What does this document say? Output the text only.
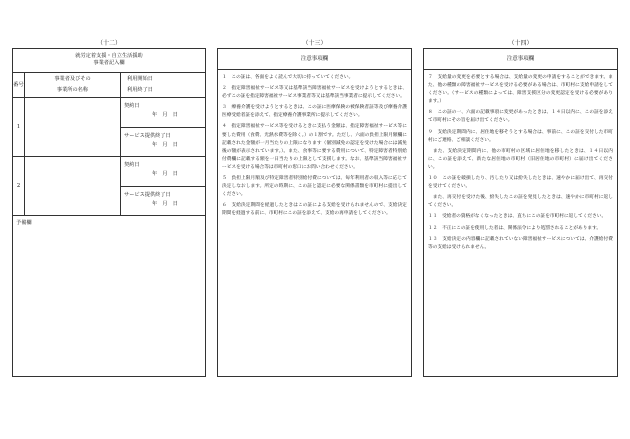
（十二）	（十三）	（十四）
就労定着支援・自立生活援助
事業者記入欄
番号
事業者及びその
事業所の名称
利用開始日
利用終了日
1
契約日
年　月　日
サービス提供終了日
年　月　日
2
契約日
年　月　日
サービス提供終了日
年　月　日
予備欄
注意事項欄

１　この証は、各面をよく読んで大切に持っていてください。

２　指定障害福祉サービス等又は基準該当障害福祉サービスを受けようとするときは、必ずこの証を指定障害福祉サービス事業者等又は基準該当事業者に提示してください。

３　療養介護を受けようとするときは、この証に医療保険の被保険者証等及び療養介護医療受給者証を添えて、指定療養介護事業所に提示してください。

４　指定障害福祉サービス等を受けるときに支払う金額は、指定障害福祉サービス等に要した費用（食費、光熱水費等を除く。）の１割です。ただし、六面の負担上限月額欄に記載された金額が一月当たりの上限になります（個別減免の認定を受けた場合には減免後の額が表示されています。）。また、食事等に要する費用について、特定障害者特別給付費欄に記載する額を一日当たりの上限として支援します。なお、基準該当障害福祉サービスを受ける場合等は市町村の窓口にお問い合わせください。

５　負担上限月額及び特定障害者特別給付費については、毎年利用者の収入等に応じて決定しなおします。所定の時期に、この証と認定に必要な関係書類を市町村に提出してください。

６　支給決定期間を経過したときはこの証による支給を受けられませんので、支給決定期間を経過する前に、市町村にこの証を添えて、支給の再申請をしてください。

注意事項欄

７　支給量の変更を必要とする場合は、支給量の変更の申請をすることができます。また、他の種類の障害福祉サービスを受ける必要がある場合は、市町村に支給申請をしてください。（サービスの種類によっては、障害支援区分の変更認定を受ける必要があります。）

８　この証の一、六面の記載事項に変更があったときは、１４日以内に、この証を添えて市町村にその旨を届け出てください。

９　支給決定期間内に、居住地を移そうとする場合は、事前に、この証を交付した市町村にご連絡、ご相談ください。

　また、支給決定期間内に、他の市町村の区域に居住地を移したときは、１４日以内に、この証を添えて、新たな居住地の市町村（旧居住地の市町村）に届け出てください。

１０　この証を破損したり、汚したり又は紛失したときは、速やかに届け出て、再交付を受けてください。

　また、再交付を受けた後、紛失したこの証を発見したときは、速やかに市町村に返してください。

１１　受給者の資格がなくなったときは、直ちにこの証を市町村に返してください。

１２　不正にこの証を使用した者は、関係法令により処罰されることがあります。

１３　支給決定の内容欄に記載されていない障害福祉サービスについては、介護給付費等の支給は受けられません。
